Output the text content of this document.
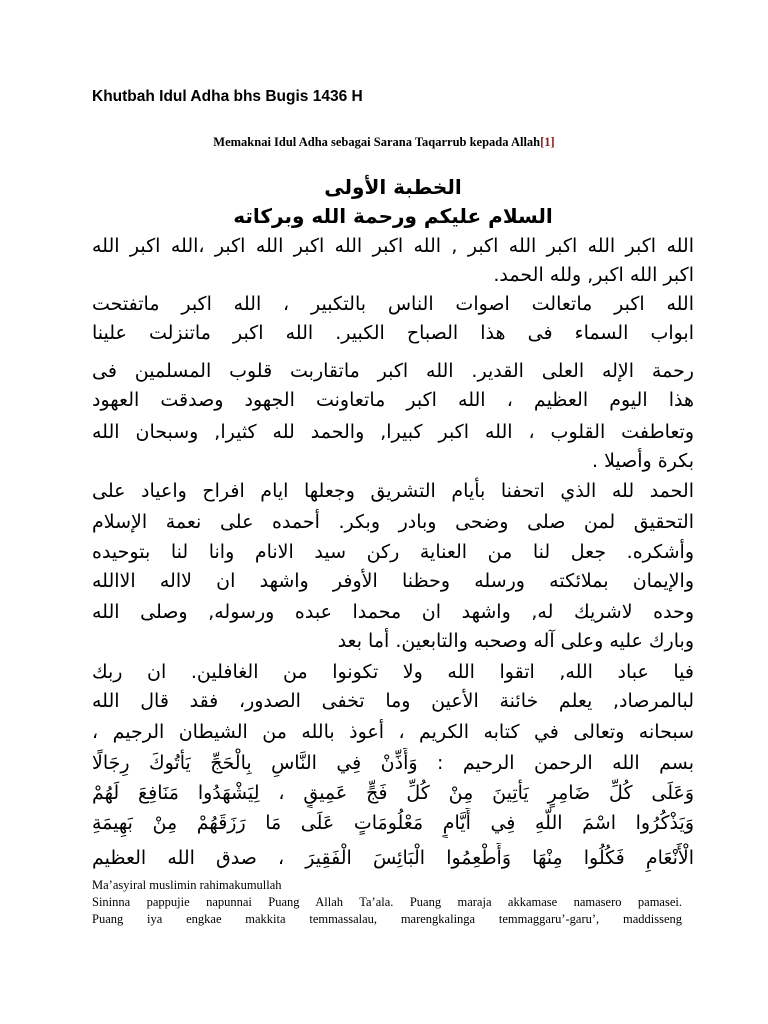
Khutbah Idul Adha bhs Bugis 1436 H
Memaknai Idul Adha sebagai Sarana Taqarrub kepada Allah[1]
الخطبة الأولى
السلام عليكم ورحمة الله وبركاته
الله اكبر الله اكبر الله اكبر , الله اكبر الله اكبر الله اكبر ،الله اكبر الله
اكبر الله اكبر, ولله الحمد.
الله اكبر ماتعالت اصوات الناس بالتكبير ، الله اكبر ماتفتحت
ابواب السماء فى هذا الصباح الكبير. الله اكبر ماتنزلت علينا
رحمة الإله العلى القدير. الله اكبر ماتقاربت قلوب المسلمين فى
هذا اليوم العظيم ، الله اكبر ماتعاونت الجهود وصدقت العهود
وتعاطفت القلوب ، الله اكبر كبيرا, والحمد لله كثيرا, وسبحان الله
بكرة وأصيلا .
الحمد لله الذي اتحفنا بأيام التشريق وجعلها ايام افراح واعياد على
التحقيق لمن صلى وضحى وبادر وبكر. أحمده على نعمة الإسلام
وأشكره. جعل لنا من العناية ركن سيد الانام وانا لنا بتوحيده
والإيمان بملائكته ورسله وحظنا الأوفر واشهد ان لااله الاالله
وحده لاشريك له, واشهد ان محمدا عبده ورسوله, وصلى الله
وبارك عليه وعلى آله وصحبه والتابعين. أما بعد
فيا عباد الله, اتقوا الله ولا تكونوا من الغافلين. ان ربك
لبالمرصاد, يعلم خائنة الأعين وما تخفى الصدور، فقد قال الله
سبحانه وتعالى في كتابه الكريم ، أعوذ بالله من الشيطان الرجيم ،
بسم الله الرحمن الرحيم : وَأَذِّنْ فِي النَّاسِ بِالْحَجِّ يَأْتُوكَ رِجَالًا
وَعَلَى كُلِّ ضَامِرٍ يَأْتِينَ مِنْ كُلِّ فَجٍّ عَمِيقٍ ، لِيَشْهَدُوا مَنَافِعَ لَهُمْ
وَيَذْكُرُوا اسْمَ اللَّهِ فِي أَيَّامٍ مَعْلُومَاتٍ عَلَى مَا رَزَقَهُمْ مِنْ بَهِيمَةِ
الْأَنْعَامِ فَكُلُوا مِنْهَا وَأَطْعِمُوا الْبَائِسَ الْفَقِيرَ ، صدق الله العظيم
Ma’asyiral muslimin rahimakumullah
Sininna pappujie napunnai Puang Allah Ta’ala. Puang maraja akkamase namasero pamasei.
Puang iya engkae makkita temmassalau, marengkalinga temmaggaru’-garu’, maddisseng
